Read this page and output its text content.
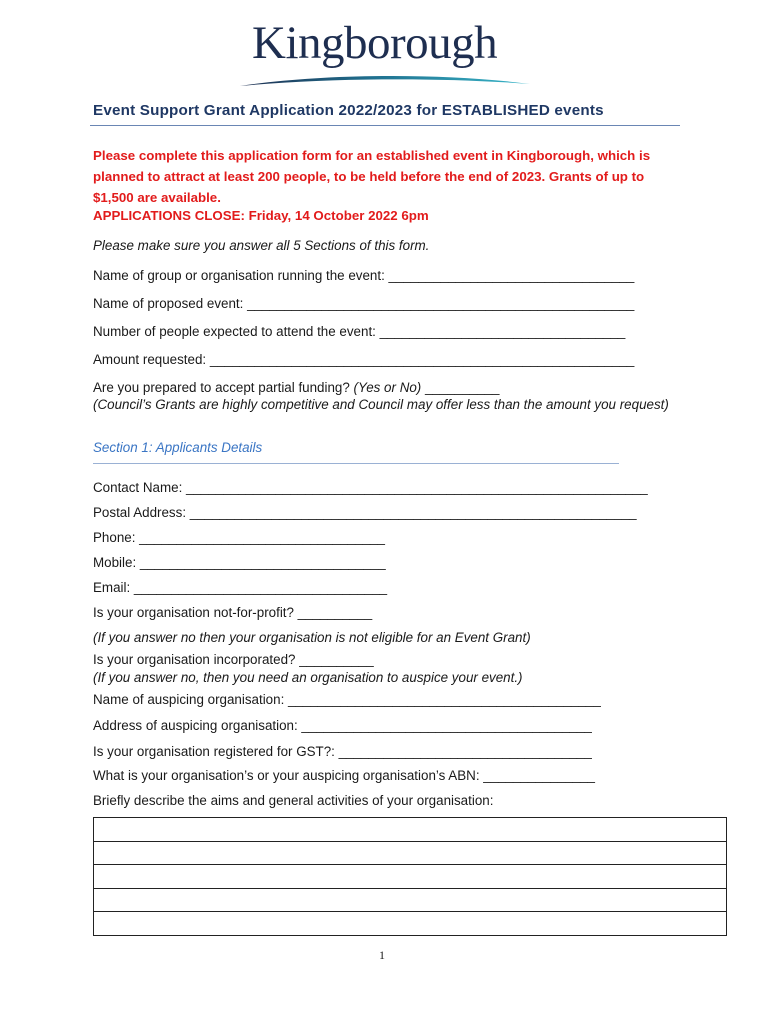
Kingborough
Event Support Grant Application 2022/2023 for ESTABLISHED events
Please complete this application form for an established event in Kingborough, which is planned to attract at least 200 people, to be held before the end of 2023. Grants of up to $1,500 are available.
APPLICATIONS CLOSE: Friday, 14 October 2022 6pm
Please make sure you answer all 5 Sections of this form.
Name of group or organisation running the event: _________________________________
Name of proposed event: ____________________________________________________
Number of people expected to attend the event: _________________________________
Amount requested: _________________________________________________________
Are you prepared to accept partial funding? (Yes or No) __________
(Council’s Grants are highly competitive and Council may offer less than the amount you request)
Section 1: Applicants Details
Contact Name: ______________________________________________________________
Postal Address: ____________________________________________________________
Phone: _________________________________
Mobile: _________________________________
Email: __________________________________
Is your organisation not-for-profit? __________
(If you answer no then your organisation is not eligible for an Event Grant)
Is your organisation incorporated? __________
(If you answer no, then you need an organisation to auspice your event.)
Name of auspicing organisation: __________________________________________
Address of auspicing organisation: _______________________________________
Is your organisation registered for GST?: __________________________________
What is your organisation’s or your auspicing organisation’s ABN: _______________
Briefly describe the aims and general activities of your organisation:
1
